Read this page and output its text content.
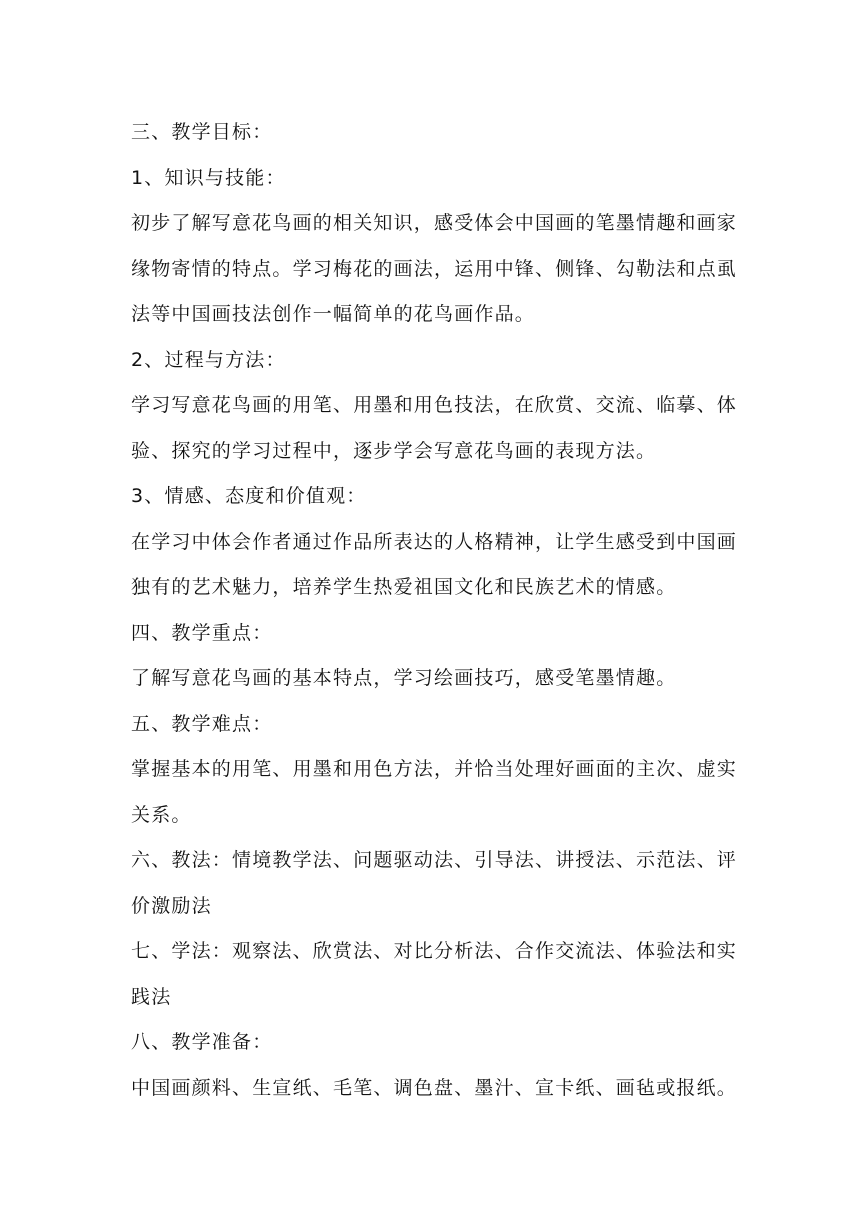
三、教学目标：
1、知识与技能：
初步了解写意花鸟画的相关知识，感受体会中国画的笔墨情趣和画家
缘物寄情的特点。学习梅花的画法，运用中锋、侧锋、勾勒法和点虱
法等中国画技法创作一幅简单的花鸟画作品。
2、过程与方法：
学习写意花鸟画的用笔、用墨和用色技法，在欣赏、交流、临摹、体
验、探究的学习过程中，逐步学会写意花鸟画的表现方法。
3、情感、态度和价值观：
在学习中体会作者通过作品所表达的人格精神，让学生感受到中国画
独有的艺术魅力，培养学生热爱祖国文化和民族艺术的情感。
四、教学重点：
了解写意花鸟画的基本特点，学习绘画技巧，感受笔墨情趣。
五、教学难点：
掌握基本的用笔、用墨和用色方法，并恰当处理好画面的主次、虚实
关系。
六、教法：情境教学法、问题驱动法、引导法、讲授法、示范法、评
价激励法
七、学法：观察法、欣赏法、对比分析法、合作交流法、体验法和实
践法
八、教学准备：
中国画颜料、生宣纸、毛笔、调色盘、墨汁、宣卡纸、画毡或报纸。
